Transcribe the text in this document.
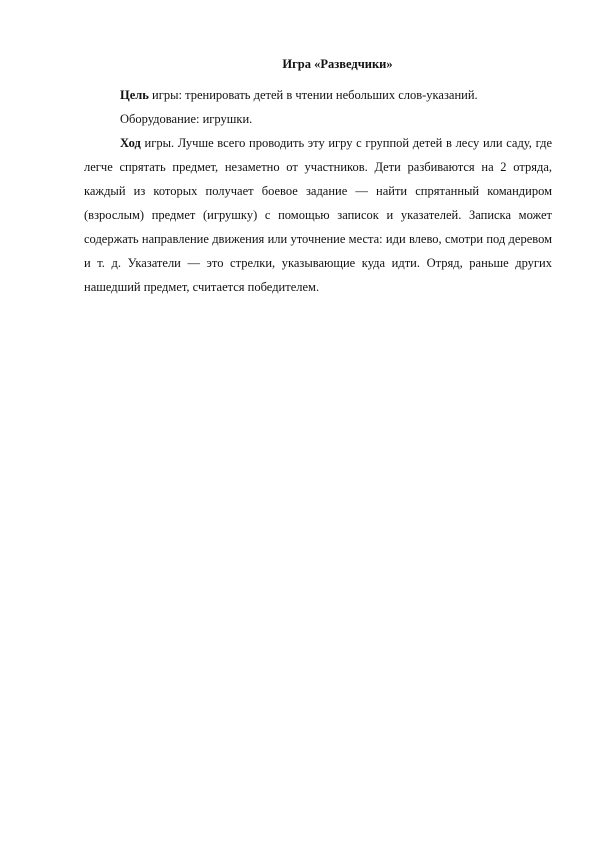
Игра «Разведчики»

Цель игры: тренировать детей в чтении небольших слов-указаний.

Оборудование: игрушки.

Ход игры. Лучше всего проводить эту игру с группой детей в лесу или саду, где легче спрятать предмет, незаметно от участников. Дети разбиваются на 2 отряда, каждый из которых получает боевое задание — найти спрятанный командиром (взрослым) предмет (игрушку) с помощью записок и указателей. Записка может содержать направление движения или уточнение места: иди влево, смотри под деревом и т. д. Указатели — это стрелки, указывающие куда идти. Отряд, раньше других нашедший предмет, считается победителем.
